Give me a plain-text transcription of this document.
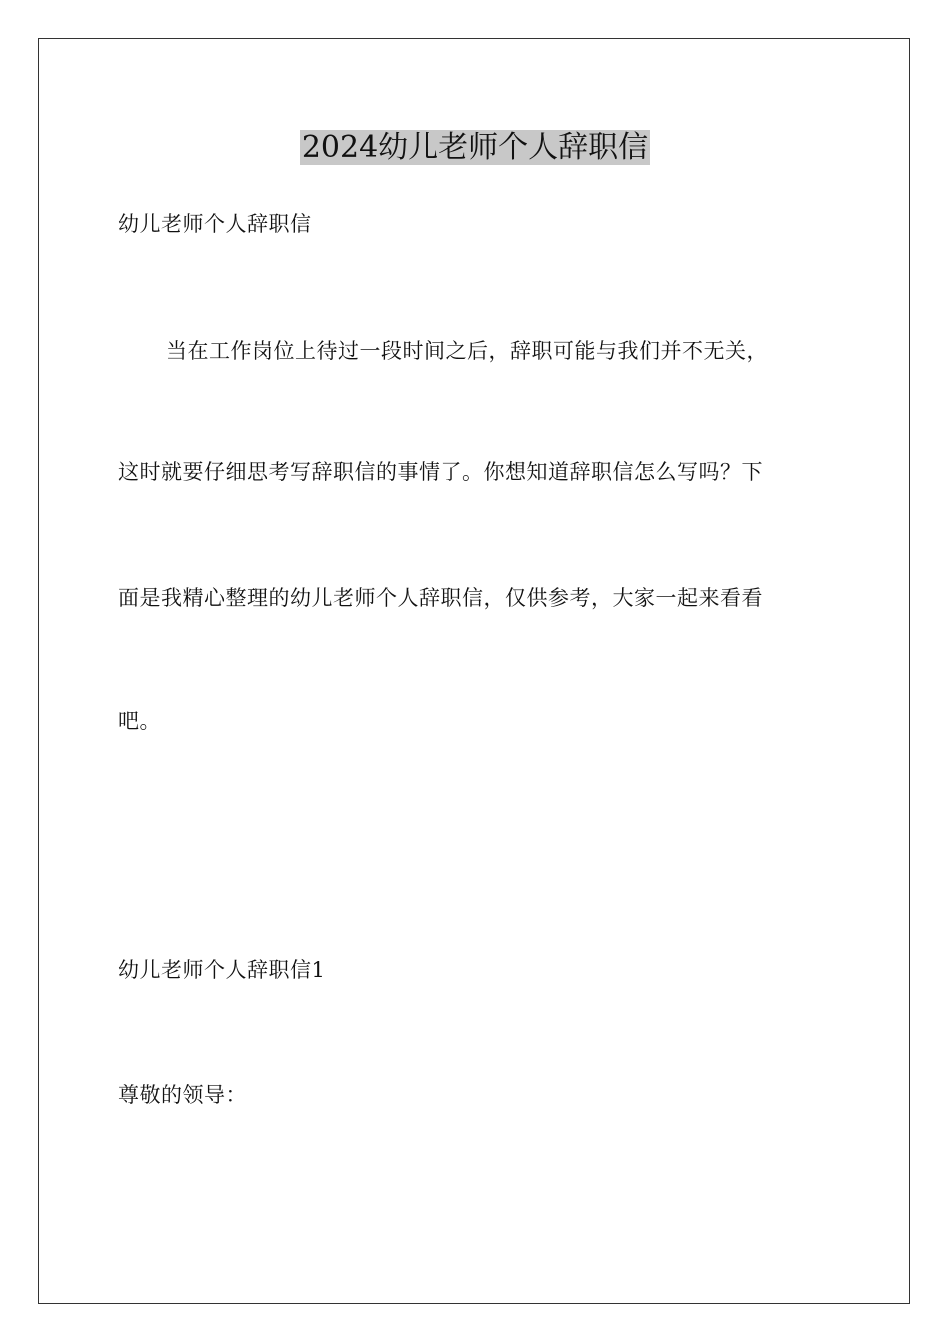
2024幼儿老师个人辞职信
幼儿老师个人辞职信
当在工作岗位上待过一段时间之后，辞职可能与我们并不无关，
这时就要仔细思考写辞职信的事情了。你想知道辞职信怎么写吗？下
面是我精心整理的幼儿老师个人辞职信，仅供参考，大家一起来看看
吧。
幼儿老师个人辞职信1
尊敬的领导：
